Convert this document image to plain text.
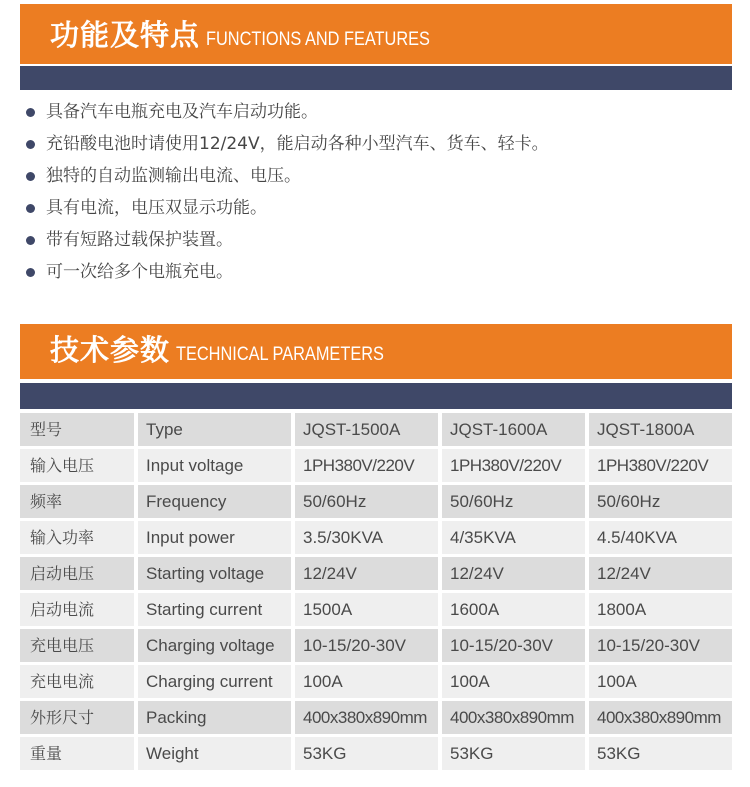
功能及特点 FUNCTIONS AND FEATURES
具备汽车电瓶充电及汽车启动功能。
充铅酸电池时请使用12/24V，能启动各种小型汽车、货车、轻卡。
独特的自动监测输出电流、电压。
具有电流，电压双显示功能。
带有短路过载保护装置。
可一次给多个电瓶充电。
技术参数 TECHNICAL PARAMETERS
型号	Type	JQST-1500A	JQST-1600A	JQST-1800A
输入电压	Input voltage	1PH380V/220V	1PH380V/220V	1PH380V/220V
频率	Frequency	50/60Hz	50/60Hz	50/60Hz
输入功率	Input power	3.5/30KVA	4/35KVA	4.5/40KVA
启动电压	Starting voltage	12/24V	12/24V	12/24V
启动电流	Starting current	1500A	1600A	1800A
充电电压	Charging voltage	10-15/20-30V	10-15/20-30V	10-15/20-30V
充电电流	Charging current	100A	100A	100A
外形尺寸	Packing	400x380x890mm	400x380x890mm	400x380x890mm
重量	Weight	53KG	53KG	53KG
